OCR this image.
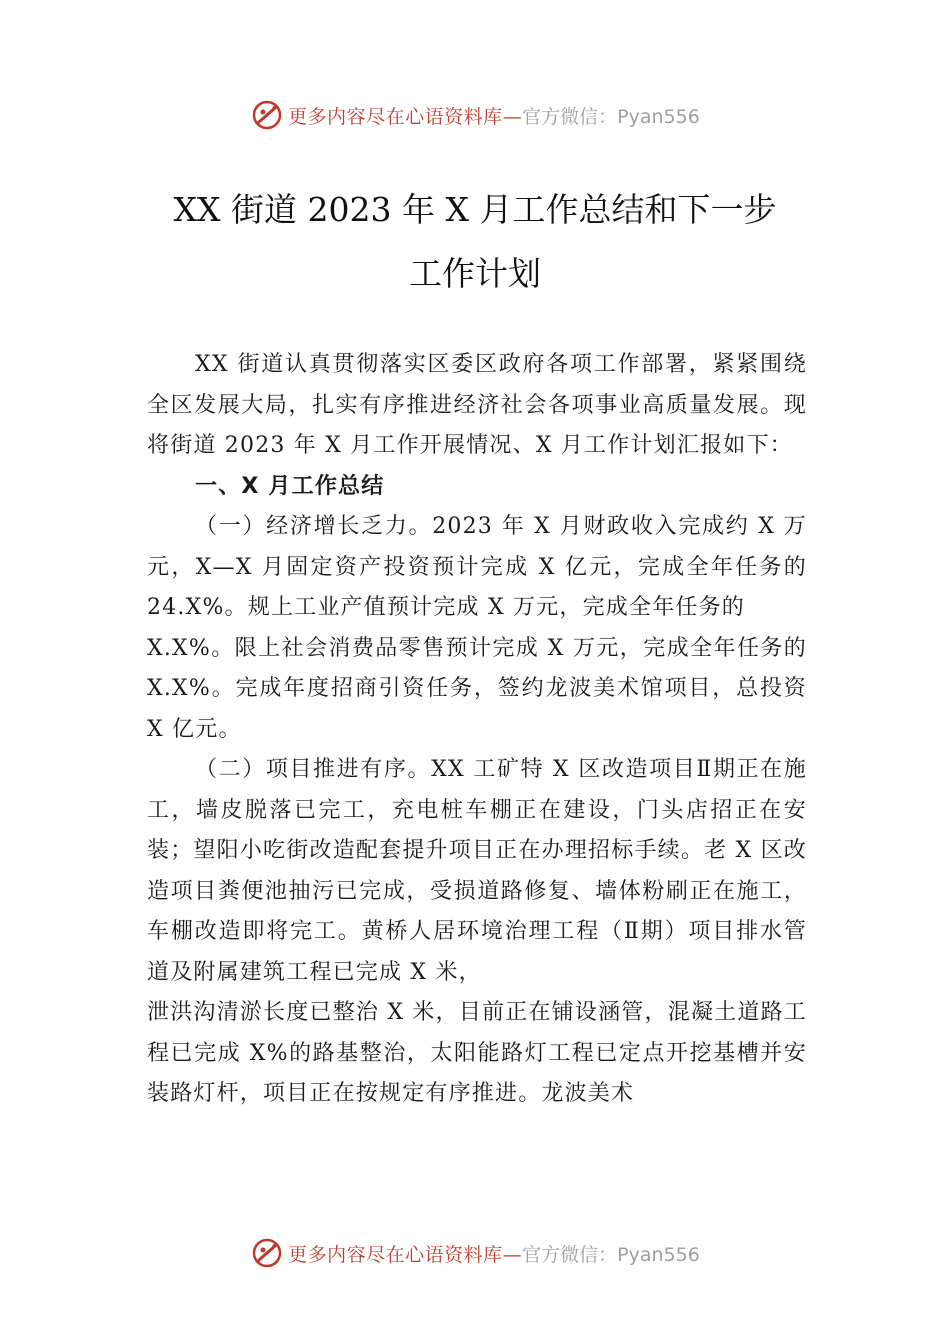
更多内容尽在心语资料库— 官方微信：Pyan556
XX 街道 2023 年 X 月工作总结和下一步
工作计划

XX 街道认真贯彻落实区委区政府各项工作部署，紧紧围绕全区发展大局，扎实有序推进经济社会各项事业高质量发展。现将街道 2023 年 X 月工作开展情况、X 月工作计划汇报如下：

一、X 月工作总结

（一）经济增长乏力。2023 年 X 月财政收入完成约 X 万元，X—X 月固定资产投资预计完成 X 亿元，完成全年任务的 24.X%。规上工业产值预计完成 X 万元，完成全年任务的

X.X%。限上社会消费品零售预计完成 X 万元，完成全年任务的 X.X%。完成年度招商引资任务，签约龙波美术馆项目，总投资 X 亿元。

（二）项目推进有序。XX 工矿特 X 区改造项目Ⅱ期正在施工，墙皮脱落已完工，充电桩车棚正在建设，门头店招正在安装；望阳小吃街改造配套提升项目正在办理招标手续。老 X 区改造项目粪便池抽污已完成，受损道路修复、墙体粉刷正在施工，车棚改造即将完工。黄桥人居环境治理工程（Ⅱ期）项目排水管道及附属建筑工程已完成 X 米，

泄洪沟清淤长度已整治 X 米，目前正在铺设涵管，混凝土道路工程已完成 X%的路基整治，太阳能路灯工程已定点开挖基槽并安装路灯杆，项目正在按规定有序推进。龙波美术

更多内容尽在心语资料库— 官方微信：Pyan556
